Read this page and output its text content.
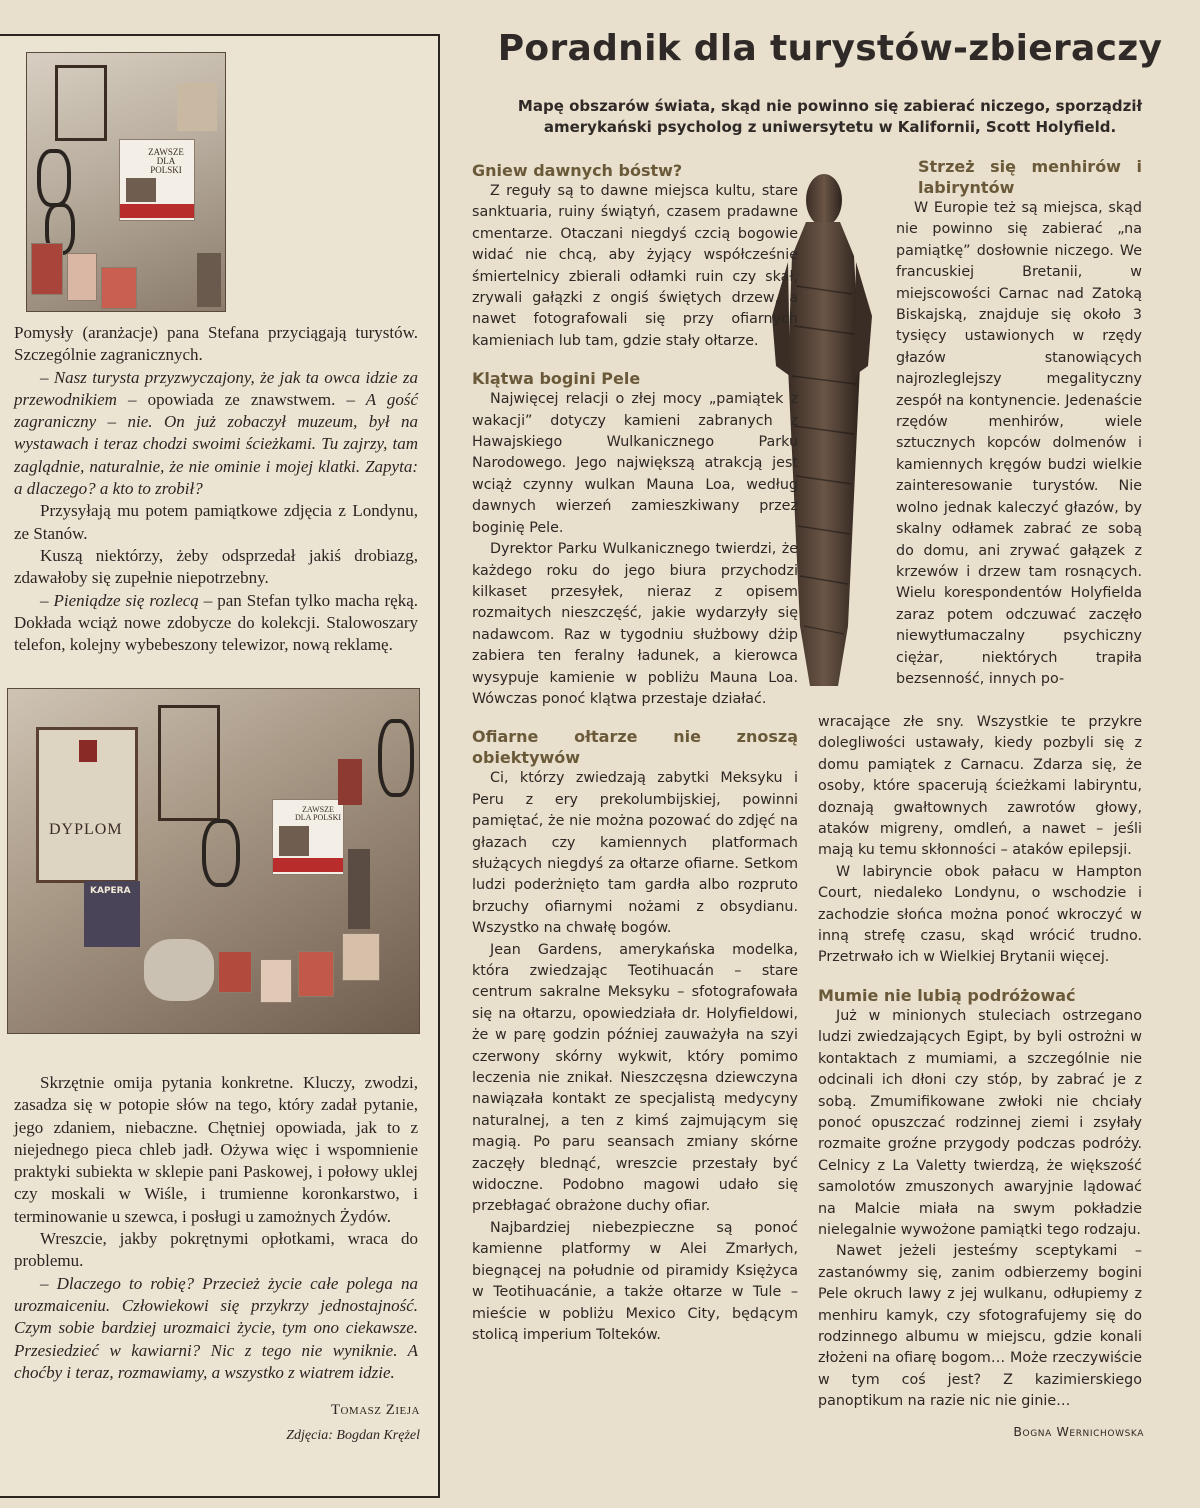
ZAWSZE DLA POLSKI

Pomysły (aranżacje) pana Stefana przyciągają turystów. Szczególnie zagranicznych.

– Nasz turysta przyzwyczajony, że jak ta owca idzie za przewodnikiem – opowiada ze znawstwem. – A gość zagraniczny – nie. On już zobaczył muzeum, był na wystawach i teraz chodzi swoimi ścieżkami. Tu zajrzy, tam zaglądnie, naturalnie, że nie ominie i mojej klatki. Zapyta: a dlaczego? a kto to zrobił?

Przysyłają mu potem pamiątkowe zdjęcia z Londynu, ze Stanów.

Kuszą niektórzy, żeby odsprzedał jakiś drobiazg, zdawałoby się zupełnie niepotrzebny.

– Pieniądze się rozlecą – pan Stefan tylko macha ręką. Dokłada wciąż nowe zdobycze do kolekcji. Stalowoszary telefon, kolejny wybebeszony telewizor, nową reklamę.

DYPLOM
ZAWSZE DLA POLSKI
KAPERA

Skrzętnie omija pytania konkretne. Kluczy, zwodzi, zasadza się w potopie słów na tego, który zadał pytanie, jego zdaniem, niebaczne. Chętniej opowiada, jak to z niejednego pieca chleb jadł. Ożywa więc i wspomnienie praktyki subiekta w sklepie pani Paskowej, i połowy uklej czy moskali w Wiśle, i trumienne koronkarstwo, i terminowanie u szewca, i posługi u zamożnych Żydów.

Wreszcie, jakby pokrętnymi opłotkami, wraca do problemu.

– Dlaczego to robię? Przecież życie całe polega na urozmaiceniu. Człowiekowi się przykrzy jednostajność. Czym sobie bardziej urozmaici życie, tym ono ciekawsze. Przesiedzieć w kawiarni? Nic z tego nie wyniknie. A choćby i teraz, rozmawiamy, a wszystko z wiatrem idzie.

Tomasz Zieja
Zdjęcia: Bogdan Krężel
Poradnik dla turystów-zbieraczy
Mapę obszarów świata, skąd nie powinno się zabierać niczego, sporządził amerykański psycholog z uniwersytetu w Kalifornii, Scott Holyfield.
Gniew dawnych bóstw?

Z reguły są to dawne miejsca kultu, stare sanktuaria, ruiny świątyń, czasem pradawne cmentarze. Otaczani niegdyś czcią bogowie widać nie chcą, aby żyjący współcześnie śmiertelnicy zbierali odłamki ruin czy skał, zrywali gałązki z ongiś świętych drzew, a nawet fotografowali się przy ofiarnych kamieniach lub tam, gdzie stały ołtarze.

Klątwa bogini Pele

Najwięcej relacji o złej mocy „pamiątek z wakacji” dotyczy kamieni zabranych z Hawajskiego Wulkanicznego Parku Narodowego. Jego największą atrakcją jest wciąż czynny wulkan Mauna Loa, według dawnych wierzeń zamieszkiwany przez boginię Pele.

Dyrektor Parku Wulkanicznego twierdzi, że każdego roku do jego biura przychodzi kilkaset przesyłek, nieraz z opisem rozmaitych nieszczęść, jakie wydarzyły się nadawcom. Raz w tygodniu służbowy dżip zabiera ten feralny ładunek, a kierowca wysypuje kamienie w pobliżu Mauna Loa. Wówczas ponoć klątwa przestaje działać.

Ofiarne ołtarze nie znoszą obiektywów

Ci, którzy zwiedzają zabytki Meksyku i Peru z ery prekolumbijskiej, powinni pamiętać, że nie można pozować do zdjęć na głazach czy kamiennych platformach służących niegdyś za ołtarze ofiarne. Setkom ludzi poderżnięto tam gardła albo rozpruto brzuchy ofiarnymi nożami z obsydianu. Wszystko na chwałę bogów.

Jean Gardens, amerykańska modelka, która zwiedzając Teotihuacán – stare centrum sakralne Meksyku – sfotografowała się na ołtarzu, opowiedziała dr. Holyfieldowi, że w parę godzin później zauważyła na szyi czerwony skórny wykwit, który pomimo leczenia nie znikał. Nieszczęsna dziewczyna nawiązała kontakt ze specjalistą medycyny naturalnej, a ten z kimś zajmującym się magią. Po paru seansach zmiany skórne zaczęły blednąć, wreszcie przestały być widoczne. Podobno magowi udało się przebłagać obrażone duchy ofiar.

Najbardziej niebezpieczne są ponoć kamienne platformy w Alei Zmarłych, biegnącej na południe od piramidy Księżyca w Teotihuacánie, a także ołtarze w Tule – mieście w pobliżu Mexico City, będącym stolicą imperium Tolteków.

Strzeż się menhirów i labiryntów

W Europie też są miejsca, skąd nie powinno się zabierać „na pamiątkę” dosłownie niczego. We francuskiej Bretanii, w miejscowości Carnac nad Zatoką Biskajską, znajduje się około 3 tysięcy ustawionych w rzędy głazów stanowiących najrozleglejszy megalityczny zespół na kontynencie. Jedenaście rzędów menhirów, wiele sztucznych kopców dolmenów i kamiennych kręgów budzi wielkie zainteresowanie turystów. Nie wolno jednak kaleczyć głazów, by skalny odłamek zabrać ze sobą do domu, ani zrywać gałązek z krzewów i drzew tam rosnących. Wielu korespondentów Holyfielda zaraz potem odczuwać zaczęło niewytłumaczalny psychiczny ciężar, niektórych trapiła bezsenność, innych po-

wracające złe sny. Wszystkie te przykre dolegliwości ustawały, kiedy pozbyli się z domu pamiątek z Carnacu. Zdarza się, że osoby, które spacerują ścieżkami labiryntu, doznają gwałtownych zawrotów głowy, ataków migreny, omdleń, a nawet – jeśli mają ku temu skłonności – ataków epilepsji.

W labiryncie obok pałacu w Hampton Court, niedaleko Londynu, o wschodzie i zachodzie słońca można ponoć wkroczyć w inną strefę czasu, skąd wrócić trudno. Przetrwało ich w Wielkiej Brytanii więcej.

Mumie nie lubią podróżować

Już w minionych stuleciach ostrzegano ludzi zwiedzających Egipt, by byli ostrożni w kontaktach z mumiami, a szczególnie nie odcinali ich dłoni czy stóp, by zabrać je z sobą. Zmumifikowane zwłoki nie chciały ponoć opuszczać rodzinnej ziemi i zsyłały rozmaite groźne przygody podczas podróży. Celnicy z La Valetty twierdzą, że większość samolotów zmuszonych awaryjnie lądować na Malcie miała na swym pokładzie nielegalnie wywożone pamiątki tego rodzaju.

Nawet jeżeli jesteśmy sceptykami – zastanówmy się, zanim odbierzemy bogini Pele okruch lawy z jej wulkanu, odłupiemy z menhiru kamyk, czy sfotografujemy się do rodzinnego albumu w miejscu, gdzie konali złożeni na ofiarę bogom… Może rzeczywiście w tym coś jest? Z kazimierskiego panoptikum na razie nic nie ginie…

Bogna Wernichowska
